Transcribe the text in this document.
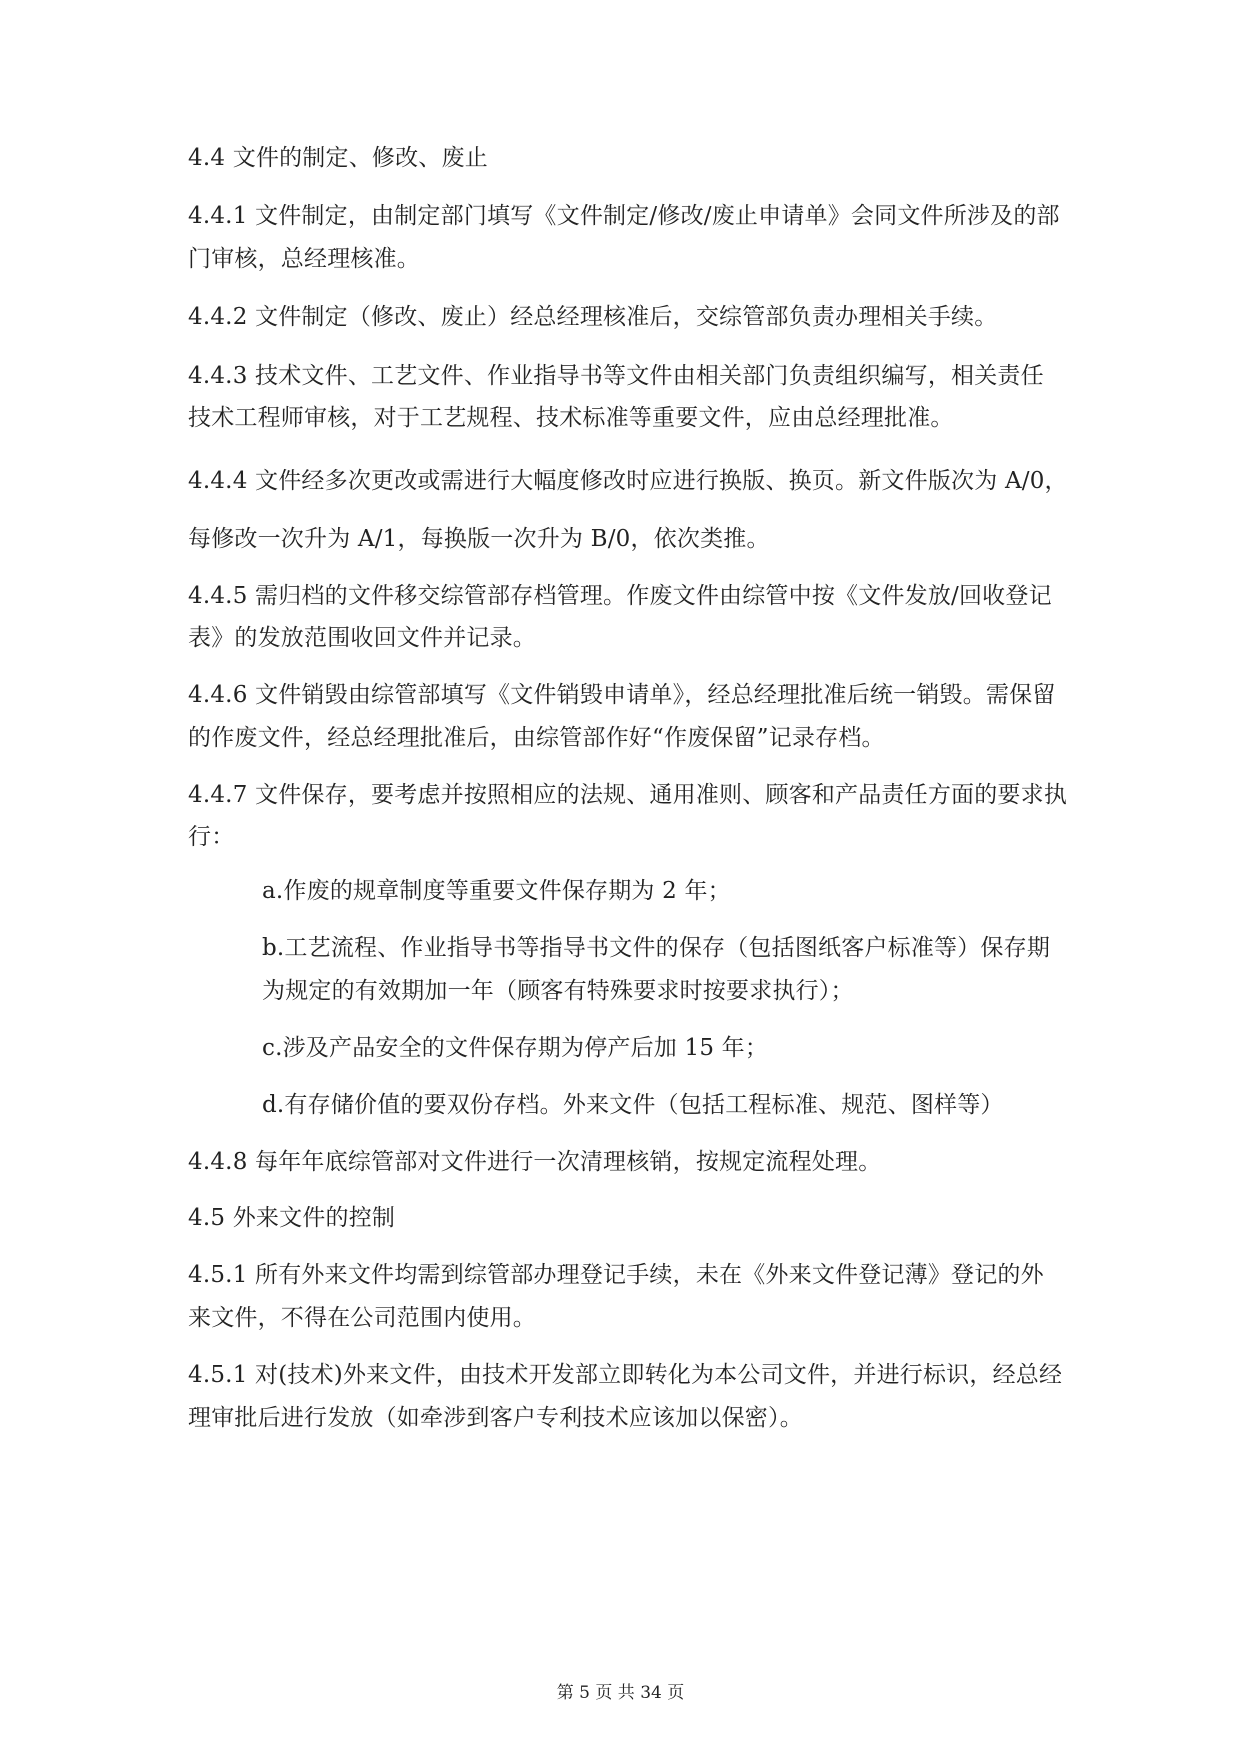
4.4 文件的制定、修改、废止
4.4.1 文件制定，由制定部门填写《文件制定/修改/废止申请单》会同文件所涉及的部
门审核，总经理核准。
4.4.2 文件制定（修改、废止）经总经理核准后，交综管部负责办理相关手续。
4.4.3 技术文件、工艺文件、作业指导书等文件由相关部门负责组织编写，相关责任
技术工程师审核，对于工艺规程、技术标准等重要文件，应由总经理批准。
4.4.4 文件经多次更改或需进行大幅度修改时应进行换版、换页。新文件版次为 A/0，
每修改一次升为 A/1，每换版一次升为 B/0，依次类推。
4.4.5 需归档的文件移交综管部存档管理。作废文件由综管中按《文件发放/回收登记
表》的发放范围收回文件并记录。
4.4.6 文件销毁由综管部填写《文件销毁申请单》，经总经理批准后统一销毁。需保留
的作废文件，经总经理批准后，由综管部作好“作废保留”记录存档。
4.4.7 文件保存，要考虑并按照相应的法规、通用准则、顾客和产品责任方面的要求执
行：
a.作废的规章制度等重要文件保存期为 2 年；
b.工艺流程、作业指导书等指导书文件的保存（包括图纸客户标准等）保存期
为规定的有效期加一年（顾客有特殊要求时按要求执行）；
c.涉及产品安全的文件保存期为停产后加 15 年；
d.有存储价值的要双份存档。外来文件（包括工程标准、规范、图样等）
4.4.8 每年年底综管部对文件进行一次清理核销，按规定流程处理。
4.5 外来文件的控制
4.5.1 所有外来文件均需到综管部办理登记手续，未在《外来文件登记薄》登记的外
来文件，不得在公司范围内使用。
4.5.1 对(技术)外来文件，由技术开发部立即转化为本公司文件，并进行标识，经总经
理审批后进行发放（如牵涉到客户专利技术应该加以保密）。
第 5 页 共 34 页
